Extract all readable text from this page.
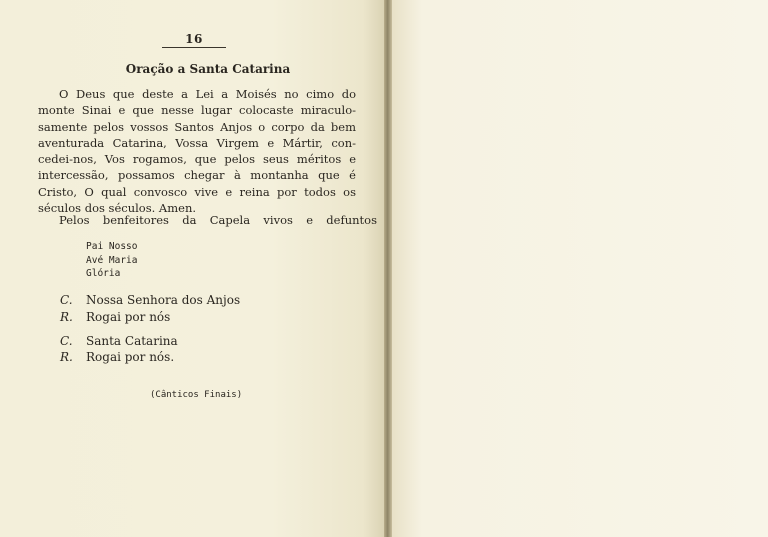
16
Oração a Santa Catarina
O Deus que deste a Lei a Moisés no cimo do
monte Sinai e que nesse lugar colocaste miraculo-
samente pelos vossos Santos Anjos o corpo da bem
aventurada Catarina, Vossa Virgem e Mártir, con-
cedei-nos, Vos rogamos, que pelos seus méritos e
intercessão, possamos chegar à montanha que é
Cristo, O qual convosco vive e reina por todos os
séculos dos séculos. Amen.
Pelos benfeitores da Capela vivos e defuntos
Pai Nosso
Avé Maria
Glória
C. Nossa Senhora dos Anjos
R. Rogai por nós
C. Santa Catarina
R. Rogai por nós.
(Cânticos Finais)
